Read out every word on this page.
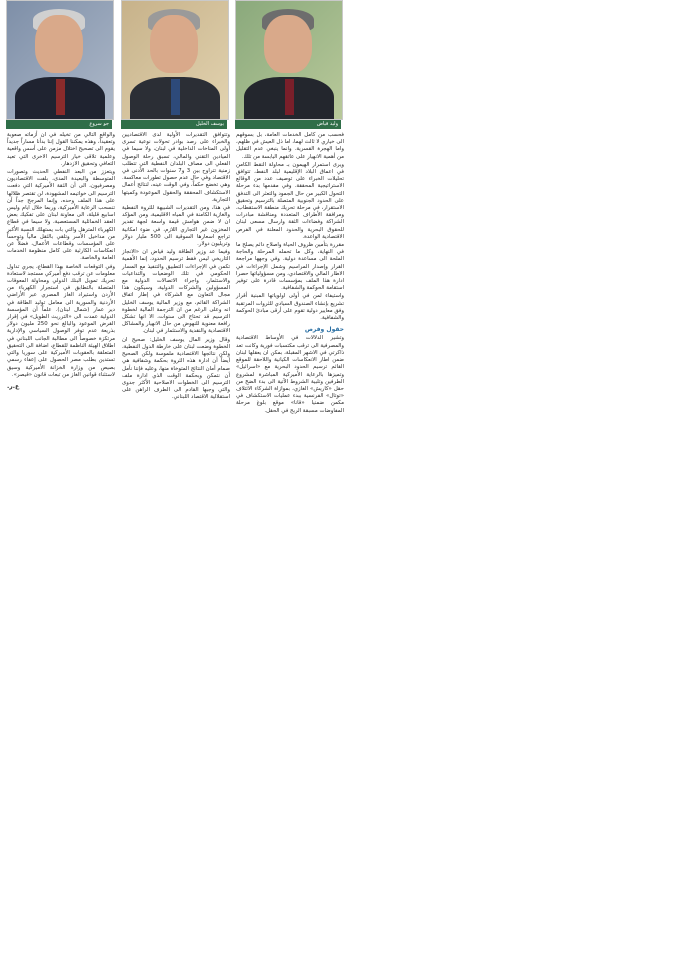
وليد فياض

فحسب من كامل الخدمات العامة، بل بسوقهم الى خياري لا ثالث لهما، اما ذل العيش في ظلهم، واما الهجرة القسرية. وانما ينبغي عدم التقليل من أهمية الانهيار على عاتقهم اليابسة من تلك.

ويرى استمرار الهيمون بـ محاولة النقط الكامن في اعماق البلاد الإقليمية لبلد النفط، تتوافق تحليلات الخبراء على توصيف عدد من الوقائع الاستراتيجية المحققة. وفي مقدمها بدء مرحلة التحول الكبير من حال الجمود والتعثر الى التدفق على الحدود الجنوبية المتصلة بالترسيم وتحقيق الاستقرار، في مرحلة تحريك منطقة الاستقطاب، ومرافقة الأطراف المتعددة ومناقشة مبادرات الشراكة وفضاءات الثقة وارسال مسعى لبنان للحقوق البحرية والحدود المعلنة في الفرص الاقتصادية الواعدة.

مقررة بتأمين ظروف الحياة واصلاح دائم يصلح ما في النهاية، وكل ما تحمله المرحلة والحاجة الملحة الى مساعدة دولية. وفي وجهها مراجعة القرار وإصدار المراسيم وشمل الإجراءات في الاطار المالي والاقتصادي، ومن مسؤولياتها حصرا ادارة هذا الملف بمؤسسات قادرة على توفير استقامة الحوكمة والشفافية.

واستيفاء لمن في أولى اولوياتها المبنية أقرار تشريع بإنشاء الصندوق السيادي للثروات المرتقبة وفق معايير دولية تقوم على أرقى مبادئ الحوكمة والشفافية.

حقول وفرص

وتشير الدلالات في الأوساط الاقتصادية والمصرفية الى ترقب مكتسبات فورية وكانت تعد ذاكرتي في الاشهر المقبلة، بمكن ان يعقلها لبنان ضمن اطار الانعكاسات الكيانية واللاحقة للموقع القائم ترسيم الحدود البحرية مع «اسرائيل» وتميزها بالرعاية الأميركية المباشرة لمشروع الطرفين وتلبية الشروط الآتية الى بدء الضخ من حقل «كاريش» الغازي، بموازاة الشركاء الائتلاف «توتال» الفرنسية ببدء عمليات الاستكشاف في مكمن ضمنيا «قانا» موقع بلوغ مرحلة المفاوضات مسبقة الربح في الحقل.

يوسف الخليل

وتتوافق التقديرات الأولية لدى الاقتصاديين والخبراء على رصد بوادر تحولات نوعية تسرى أولى المناخات الداخلية في لبنان، ولا سيما في الميادين التقني والمالي، تسبق رحلة الوصول الفعلي الى مصاف البلدان النفطية التي تتطلب زمنية تتراوح بين 3 و7 سنوات بالحد الأدنى في الاقتصاد وفي حال عدم حصول تطورات معاكسة. وهي تخضع حكماً، وفي الوقت عينه، لنتائج أعمال الاستكشاف المحققة والحقول الموعودة وكميتها التجارية.

في هذا، ومن التقديرات الشبيهة للثروة النفطية والغازية الكامنة في المياه الاقليمية، ومن المؤكد ان لا ضمن هوامش قيمة واسعة لجهة تقدير المخزون غير التجاري اللازم، في ضوء امكانية تراجع اسعارها السوقية الى 500 مليار دولار وتريليون دولار.

وفيما عد وزير الطاقة وليد فياض ان «الانجاز التاريخي ليس فقط ترسيم الحدود، إنما الأهمية تكمن في الإجراءات التطبيق والتنفيذ مع المسار الحكومي في تلك الوضعيات والتداعيات والاستثمار، واجراء الاتصالات الدولية مع المسؤولين والشركات الدولية، وسيكون هذا مجال التعاون مع الشركاء في إطار اتفاق الشراكة القائم، مع وزير المالية يوسف الخليل انه وعلى الرغم من ان الترجمة المالية لخطوة الترسيم قد تحتاج الى سنوات، الا انها تشكل رافعة معنوية للنهوض من حال الانهيار والمشاكل الاقتصادية والنقدية والاستثمار في لبنان.

وقال وزير المال يوسف الخليل: صحيح ان الخطوة وضعت لبنان على خارطة الدول النفطية، ولكن نتائجها الاقتصادية ملموسة ولكن الصحيح أيضاً أن ادارة هذه الثروة بحكمة وشفافية هي صمام أمان النتائج المتوخاة منها، وعليه فإننا نأمل أن نتمكن وبحكمة الوقت الذي ادارة ملف الترسيم الى الخطوات الاصلاحية الأكثر جدوى والتي وجبها القادم الى الطرف الراهن على استقلالية الاقتصاد اللبناني.

جو سروع

والواقع التالي من تخيله في ان أزماته صعوبة وتعقيداً، وهذه يمكننا القول إننا بدأنا مساراً جديداً يقوم الى تصحيح اختلال مزمن على أسس واقعية وعلمية تلاقى خيار الترسيم الاخرى التي تعيد التعافي وتحقيق الازدهار.

ويتعزز من البعد النفطي الحديث وتصورات المتوسطة والبعيدة المدى، بلفت الاقتصاديون ومصرفيون، الى أن الثقة الأميركية التي دفعت الترسيم الى خواتيمه المشهودة، لن تقتصر ظلالها على هذا الملف وحده، وإنما المرجح جداً أن تنسحب الرعاية الأميركية، وربما خلال ايام وليس اسابيع قليلة، الى معاونة لبنان على تفكيك بعض العقد الخمائلية المستعصية، ولا سيما في قطاع الكهرباء المترهل والتي بات يستهلك النسبة الأكبر من مداخيل الأسر وتلقي بالثقل مالياً وتوحساً على المؤسسات وقطاعات الأعمال، فضلاً عن انعكاسات الكارثية على كامل منظومة الخدمات العامة والخاصة.

وفي التوقعات الخاصة بهذا القطاع، يجري تداول معلومات عن ترقب دفع أميركي مستجد لاستعادة تحريك تمويل البنك الدولي ومحاولة المعوقات المتصلة بالتطابق في استجرار الكهرباء من الأردن واستيراد الغاز المصري عبر الأراضي الأردنية والسورية الى معامل توليد الطاقة في دير عمار (شمال لبنان). علماً أن المؤسسة الدولية عمدت الى «الترريث الطويل» في إقرار القرض الموعود والبالغ نحو 250 مليون دولار بذريعة عدم توفر الوصول السياسي والإدارية مرتكزة خصوصاً الى مطالبة الجانب اللبناني في اطلاق الهيئة الناظمة للقطاع، اضافة الى التحقيق المتعلقة بالعقوبات الأميركية على سوريا والتي تستدين بطلب مصر الحصول على إعفاء رسمي بصيص من وزارة الخزانة الأميركية وسيق لاستثناء قوانين الغاز من تبعات قانون «قيصر».

ع.ر.
